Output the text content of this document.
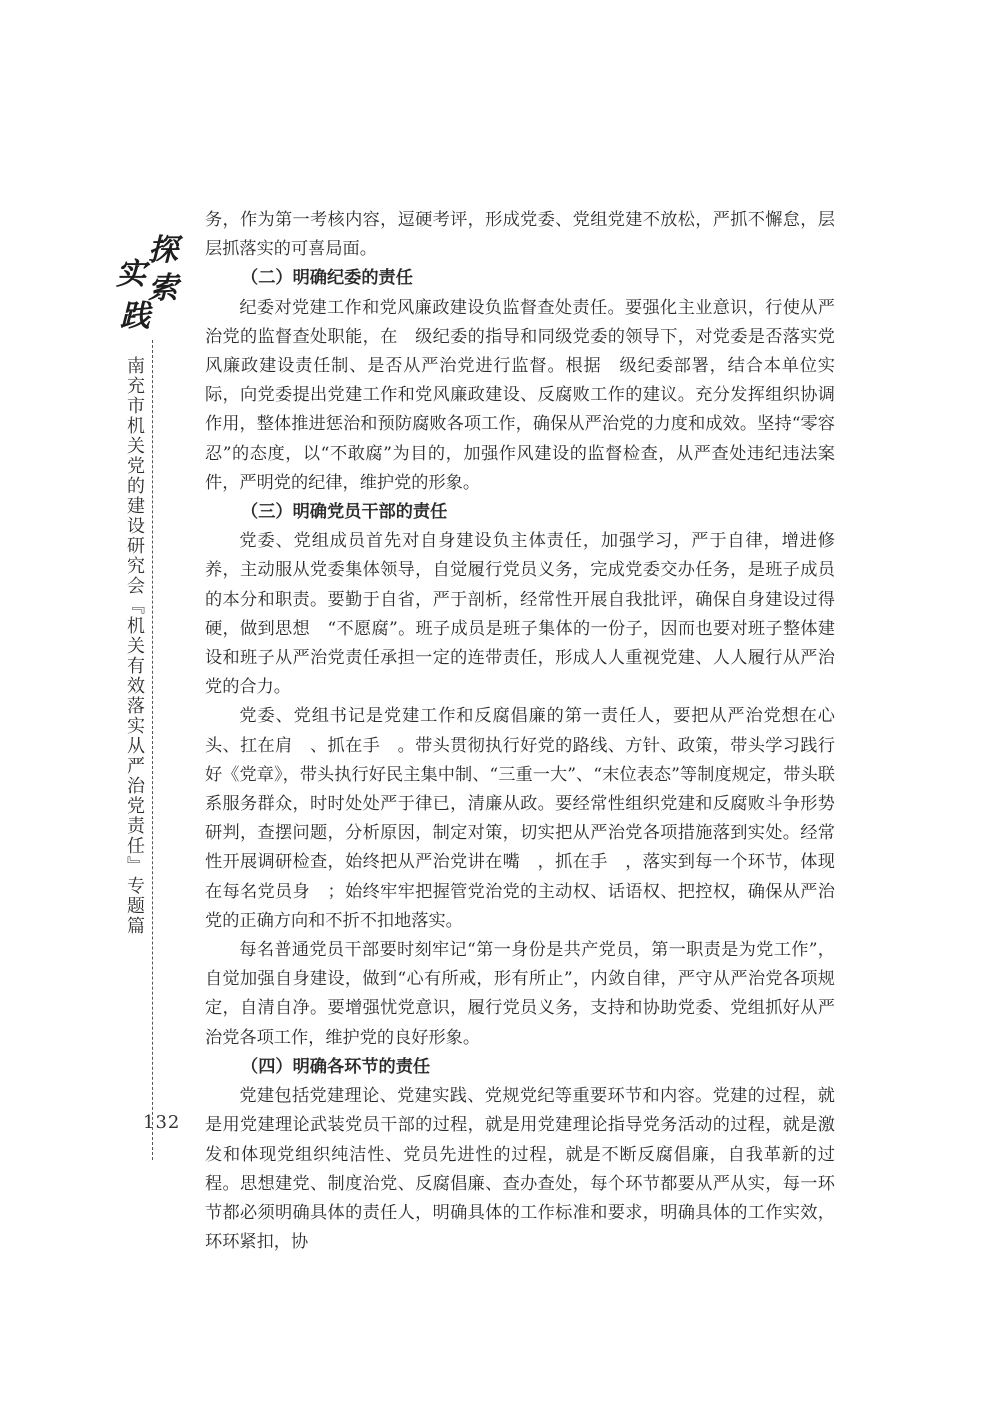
探
索
实
践
南充市机关党的建设研究会『机关有效落实从严治党责任』专题篇
132

务，作为第一考核内容，逗硬考评，形成党委、党组党建不放松，严抓不懈怠，层层抓落实的可喜局面。

（二）明确纪委的责任

纪委对党建工作和党风廉政建设负监督查处责任。要强化主业意识，行使从严治党的监督查处职能，在　级纪委的指导和同级党委的领导下，对党委是否落实党风廉政建设责任制、是否从严治党进行监督。根据　级纪委部署，结合本单位实际，向党委提出党建工作和党风廉政建设、反腐败工作的建议。充分发挥组织协调作用，整体推进惩治和预防腐败各项工作，确保从严治党的力度和成效。坚持“零容忍”的态度，以“不敢腐”为目的，加强作风建设的监督检查，从严查处违纪违法案件，严明党的纪律，维护党的形象。

（三）明确党员干部的责任

党委、党组成员首先对自身建设负主体责任，加强学习，严于自律，增进修养，主动服从党委集体领导，自觉履行党员义务，完成党委交办任务，是班子成员的本分和职责。要勤于自省，严于剖析，经常性开展自我批评，确保自身建设过得硬，做到思想　“不愿腐”。班子成员是班子集体的一份子，因而也要对班子整体建设和班子从严治党责任承担一定的连带责任，形成人人重视党建、人人履行从严治党的合力。

党委、党组书记是党建工作和反腐倡廉的第一责任人，要把从严治党想在心头、扛在肩　、抓在手　。带头贯彻执行好党的路线、方针、政策，带头学习践行好《党章》，带头执行好民主集中制、“三重一大”、“末位表态”等制度规定，带头联系服务群众，时时处处严于律已，清廉从政。要经常性组织党建和反腐败斗争形势研判，查摆问题，分析原因，制定对策，切实把从严治党各项措施落到实处。经常性开展调研检查，始终把从严治党讲在嘴　，抓在手　，落实到每一个环节，体现在每名党员身　；始终牢牢把握管党治党的主动权、话语权、把控权，确保从严治党的正确方向和不折不扣地落实。

每名普通党员干部要时刻牢记“第一身份是共产党员，第一职责是为党工作”，自觉加强自身建设，做到“心有所戒，形有所止”，内敛自律，严守从严治党各项规定，自清自净。要增强忧党意识，履行党员义务，支持和协助党委、党组抓好从严治党各项工作，维护党的良好形象。

（四）明确各环节的责任

党建包括党建理论、党建实践、党规党纪等重要环节和内容。党建的过程，就是用党建理论武装党员干部的过程，就是用党建理论指导党务活动的过程，就是激发和体现党组织纯洁性、党员先进性的过程，就是不断反腐倡廉，自我革新的过程。思想建党、制度治党、反腐倡廉、查办查处，每个环节都要从严从实，每一环节都必须明确具体的责任人，明确具体的工作标准和要求，明确具体的工作实效，环环紧扣，协
